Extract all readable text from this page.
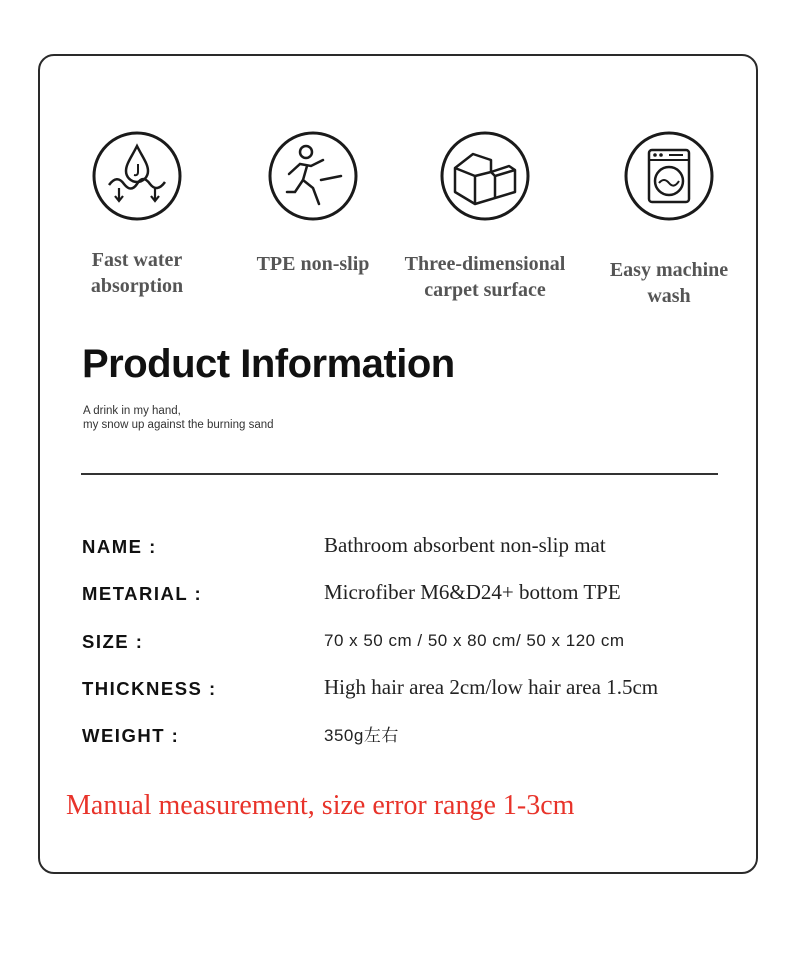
Fast water
absorption
TPE non-slip	Three-dimensional
carpet surface
Easy machine
wash
Product Information
A drink in my hand,
my snow up against the burning sand
NAME :	Bathroom absorbent non-slip mat
METARIAL :	Microfiber M6&D24+ bottom TPE
SIZE :	70 x 50 cm / 50 x 80 cm/ 50 x 120 cm
THICKNESS :	High hair area 2cm/low hair area 1.5cm
WEIGHT :	350g左右
Manual measurement, size error range 1-3cm
